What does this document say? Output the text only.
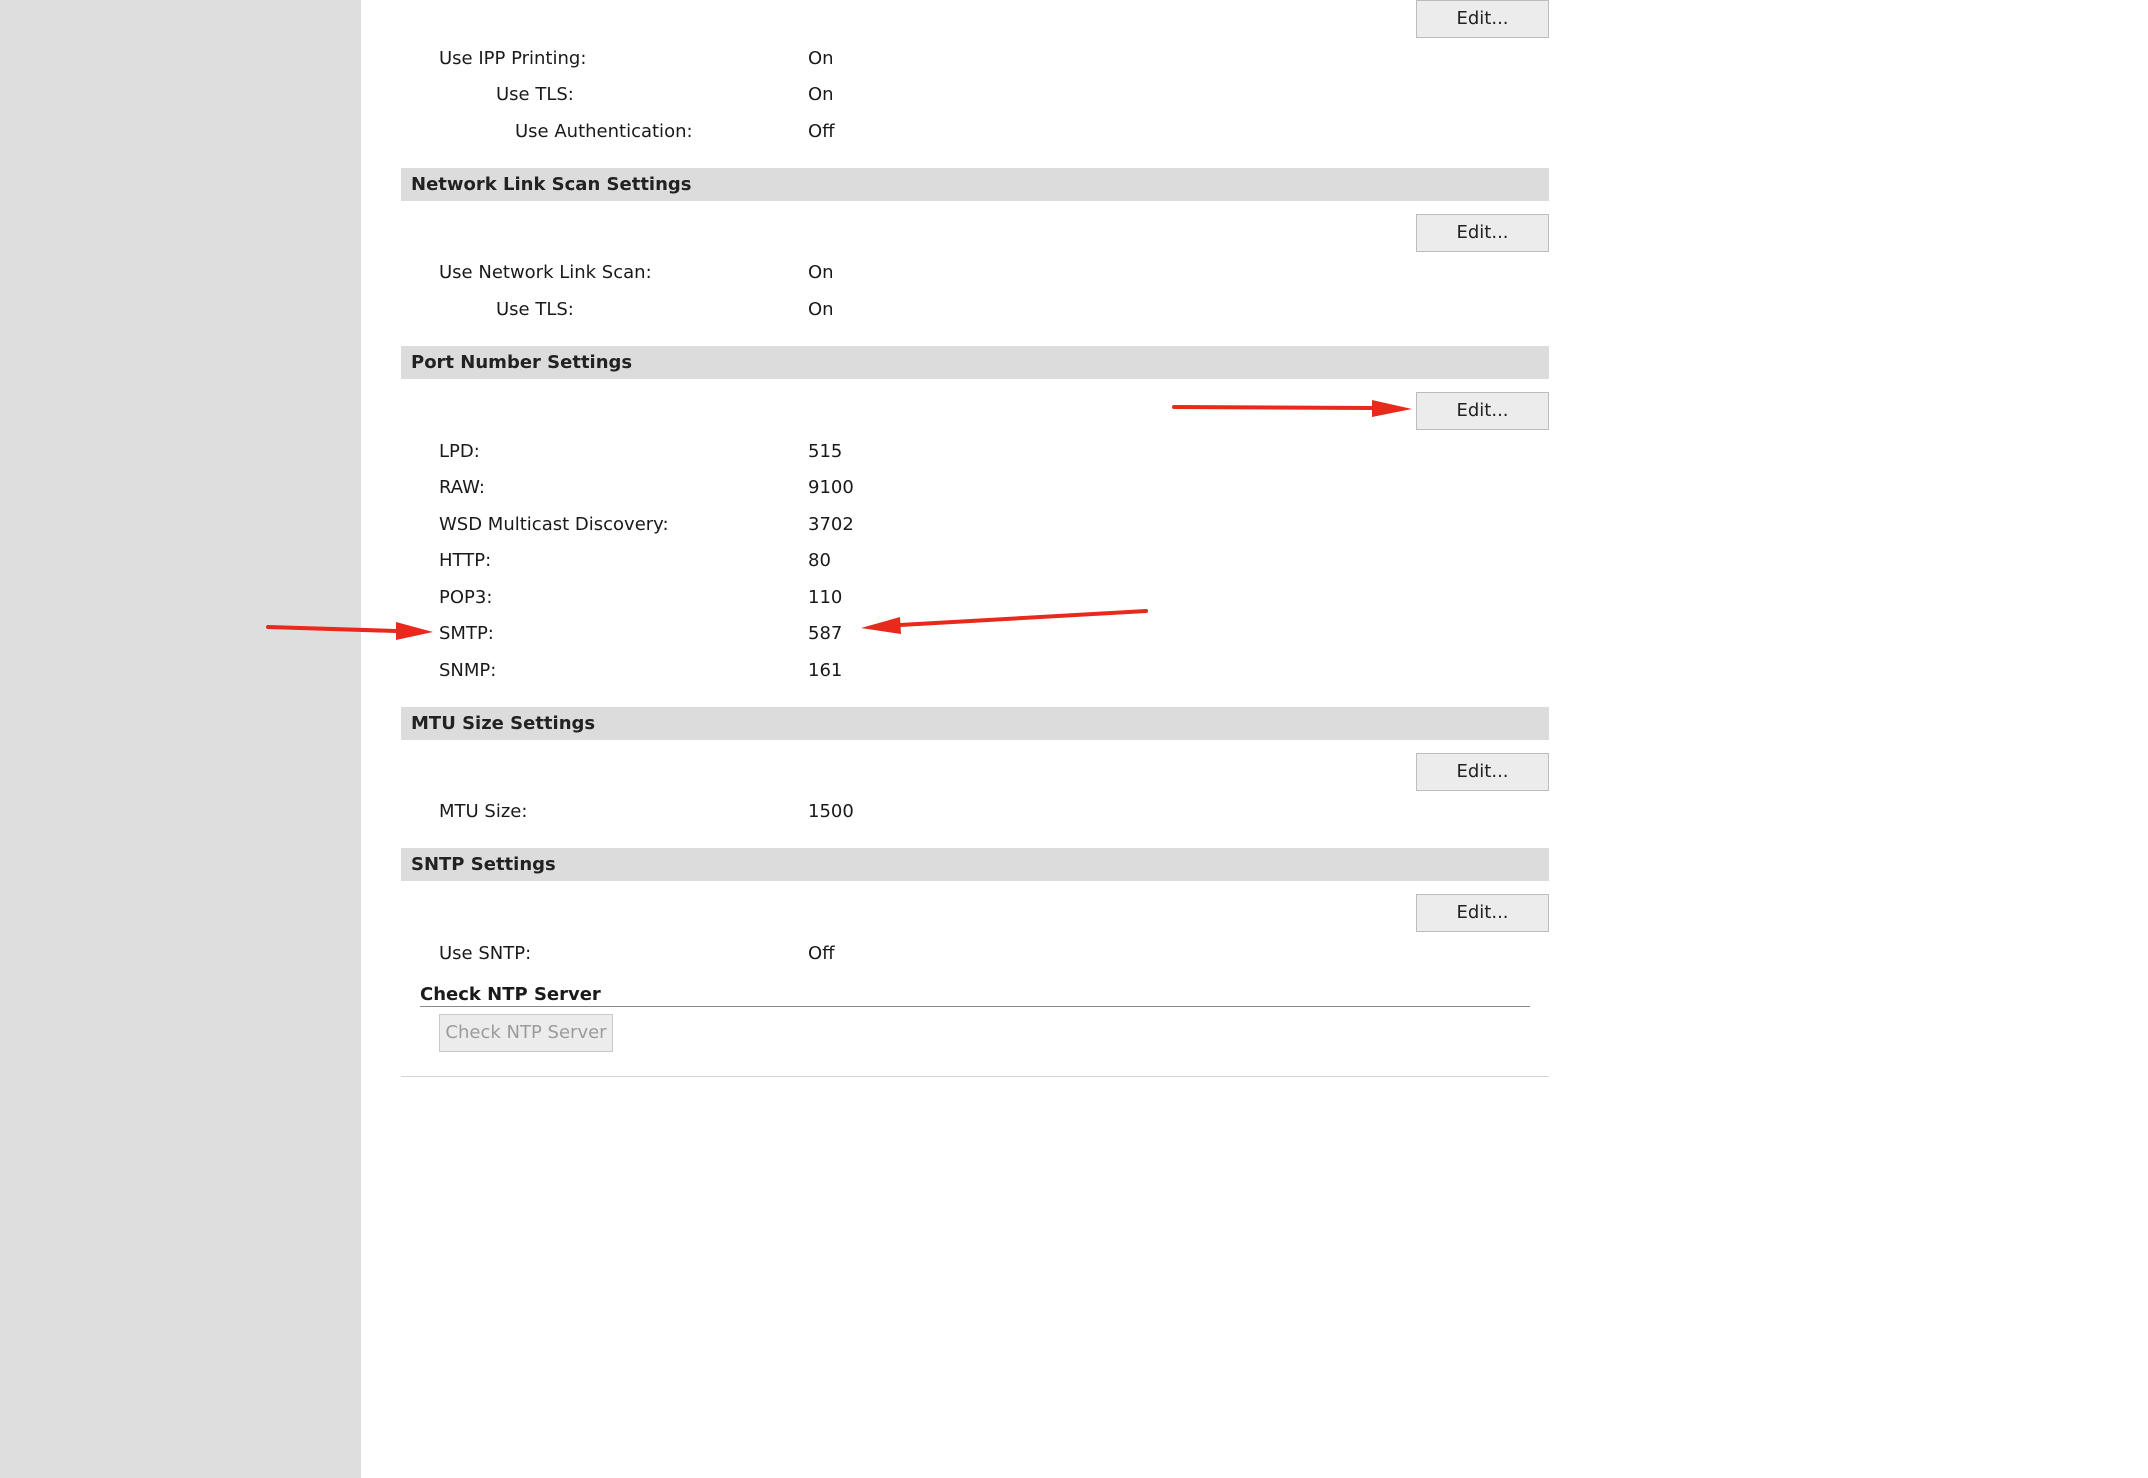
Edit...
Use IPP Printing:	On
Use TLS:	On
Use Authentication:	Off
Network Link Scan Settings
Edit...
Use Network Link Scan:	On
Use TLS:	On
Port Number Settings
Edit...
LPD:	515
RAW:	9100
WSD Multicast Discovery:	3702
HTTP:	80
POP3:	110
SMTP:	587
SNMP:	161
MTU Size Settings
Edit...
MTU Size:	1500
SNTP Settings
Edit...
Use SNTP:	Off
Check NTP Server
Check NTP Server
